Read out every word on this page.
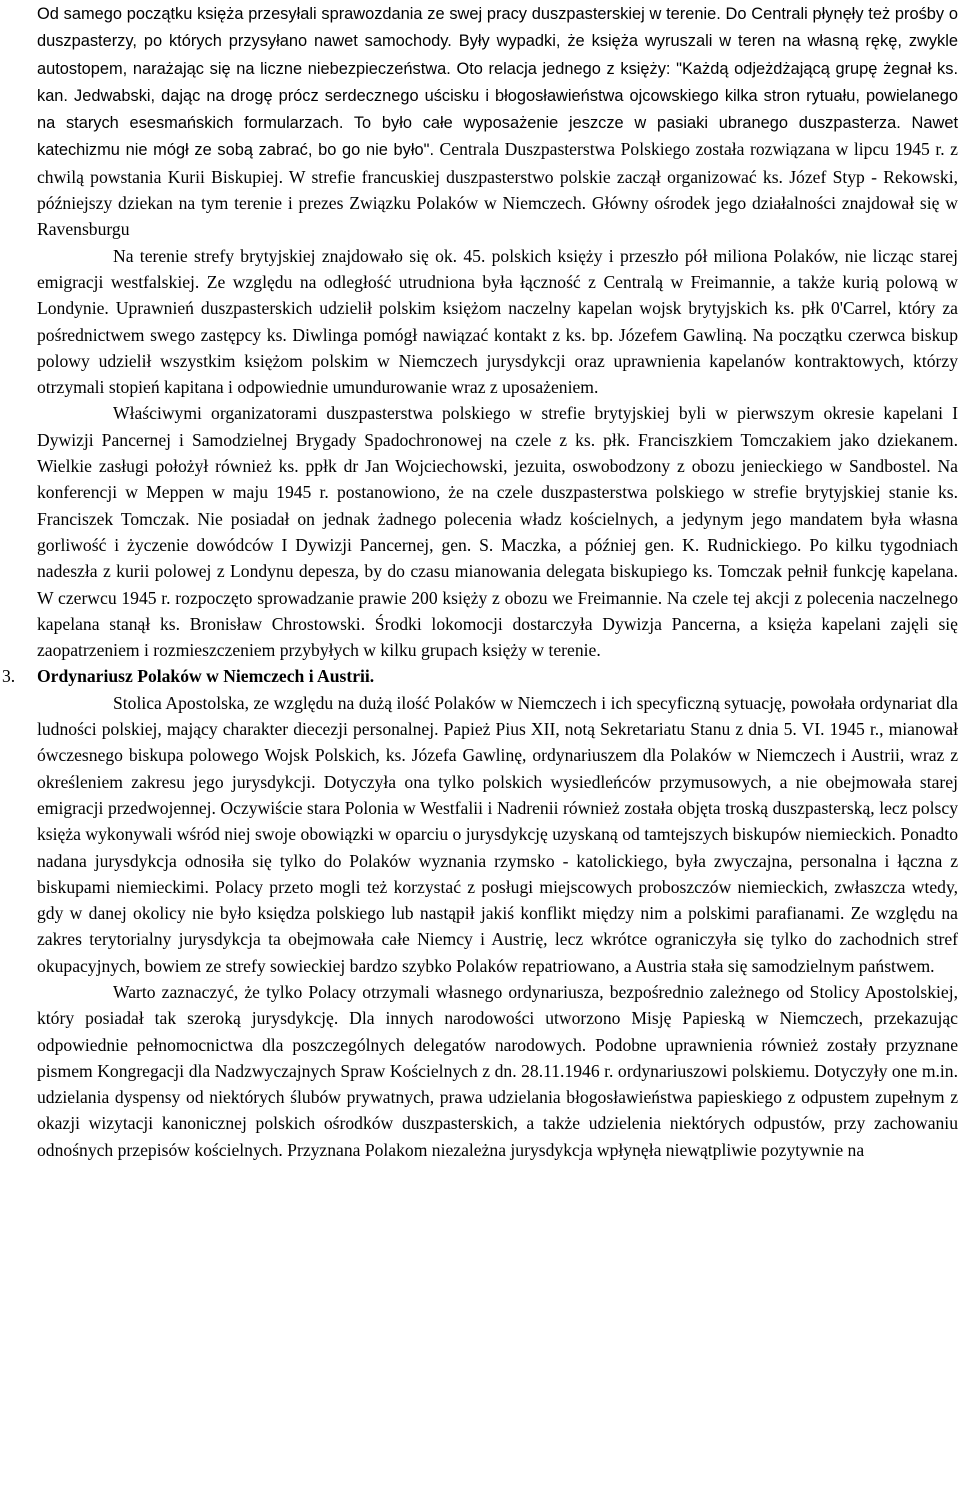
Od samego początku księża przesyłali sprawozdania ze swej pracy duszpasterskiej w terenie. Do Centrali płynęły też prośby o duszpasterzy, po których przysyłano nawet samochody. Były wypadki, że księża wyruszali w teren na własną rękę, zwykle autostopem, narażając się na liczne niebezpieczeństwa. Oto relacja jednego z księży: "Każdą odjeżdżającą grupę żegnał ks. kan. Jedwabski, dając na drogę prócz serdecznego uścisku i błogosławieństwa ojcowskiego kilka stron rytuału, powielanego na starych esesmańskich formularzach. To było całe wyposażenie jeszcze w pasiaki ubranego duszpasterza. Nawet katechizmu nie mógł ze sobą zabrać, bo go nie było". Centrala Duszpasterstwa Polskiego została rozwiązana w lipcu 1945 r. z chwilą powstania Kurii Biskupiej. W strefie francuskiej duszpasterstwo polskie zaczął organizować ks. Józef Styp - Rekowski, późniejszy dziekan na tym terenie i prezes Związku Polaków w Niemczech. Główny ośrodek jego działalności znajdował się w Ravensburgu

Na terenie strefy brytyjskiej znajdowało się ok. 45. polskich księży i przeszło pół miliona Polaków, nie licząc starej emigracji westfalskiej. Ze względu na odległość utrudniona była łączność z Centralą w Freimannie, a także kurią polową w Londynie. Uprawnień duszpasterskich udzielił polskim księżom naczelny kapelan wojsk brytyjskich ks. płk 0'Carrel, który za pośrednictwem swego zastępcy ks. Diwlinga pomógł nawiązać kontakt z ks. bp. Józefem Gawliną. Na początku czerwca biskup polowy udzielił wszystkim księżom polskim w Niemczech jurysdykcji oraz uprawnienia kapelanów kontraktowych, którzy otrzymali stopień kapitana i odpowiednie umundurowanie wraz z uposażeniem.

Właściwymi organizatorami duszpasterstwa polskiego w strefie brytyjskiej byli w pierwszym okresie kapelani I Dywizji Pancernej i Samodzielnej Brygady Spadochronowej na czele z ks. płk. Franciszkiem Tomczakiem jako dziekanem. Wielkie zasługi położył również ks. ppłk dr Jan Wojciechowski, jezuita, oswobodzony z obozu jenieckiego w Sandbostel. Na konferencji w Meppen w maju 1945 r. postanowiono, że na czele duszpasterstwa polskiego w strefie brytyjskiej stanie ks. Franciszek Tomczak. Nie posiadał on jednak żadnego polecenia władz kościelnych, a jedynym jego mandatem była własna gorliwość i życzenie dowódców I Dywizji Pancernej, gen. S. Maczka, a później gen. K. Rudnickiego. Po kilku tygodniach nadeszła z kurii polowej z Londynu depesza, by do czasu mianowania delegata biskupiego ks. Tomczak pełnił funkcję kapelana. W czerwcu 1945 r. rozpoczęto sprowadzanie prawie 200 księży z obozu we Freimannie. Na czele tej akcji z polecenia naczelnego kapelana stanął ks. Bronisław Chrostowski. Środki lokomocji dostarczyła Dywizja Pancerna, a księża kapelani zajęli się zaopatrzeniem i rozmieszczeniem przybyłych w kilku grupach księży w terenie.

3. Ordynariusz Polaków w Niemczech i Austrii.

Stolica Apostolska, ze względu na dużą ilość Polaków w Niemczech i ich specyficzną sytuację, powołała ordynariat dla ludności polskiej, mający charakter diecezji personalnej. Papież Pius XII, notą Sekretariatu Stanu z dnia 5. VI. 1945 r., mianował ówczesnego biskupa polowego Wojsk Polskich, ks. Józefa Gawlinę, ordynariuszem dla Polaków w Niemczech i Austrii, wraz z określeniem zakresu jego jurysdykcji. Dotyczyła ona tylko polskich wysiedleńców przymusowych, a nie obejmowała starej emigracji przedwojennej. Oczywiście stara Polonia w Westfalii i Nadrenii również została objęta troską duszpasterską, lecz polscy księża wykonywali wśród niej swoje obowiązki w oparciu o jurysdykcję uzyskaną od tamtejszych biskupów niemieckich. Ponadto nadana jurysdykcja odnosiła się tylko do Polaków wyznania rzymsko - katolickiego, była zwyczajna, personalna i łączna z biskupami niemieckimi. Polacy przeto mogli też korzystać z posługi miejscowych proboszczów niemieckich, zwłaszcza wtedy, gdy w danej okolicy nie było księdza polskiego lub nastąpił jakiś konflikt między nim a polskimi parafianami. Ze względu na zakres terytorialny jurysdykcja ta obejmowała całe Niemcy i Austrię, lecz wkrótce ograniczyła się tylko do zachodnich stref okupacyjnych, bowiem ze strefy sowieckiej bardzo szybko Polaków repatriowano, a Austria stała się samodzielnym państwem.

Warto zaznaczyć, że tylko Polacy otrzymali własnego ordynariusza, bezpośrednio zależnego od Stolicy Apostolskiej, który posiadał tak szeroką jurysdykcję. Dla innych narodowości utworzono Misję Papieską w Niemczech, przekazując odpowiednie pełnomocnictwa dla poszczególnych delegatów narodowych. Podobne uprawnienia również zostały przyznane pismem Kongregacji dla Nadzwyczajnych Spraw Kościelnych z dn. 28.11.1946 r. ordynariuszowi polskiemu. Dotyczyły one m.in. udzielania dyspensy od niektórych ślubów prywatnych, prawa udzielania błogosławieństwa papieskiego z odpustem zupełnym z okazji wizytacji kanonicznej polskich ośrodków duszpasterskich, a także udzielenia niektórych odpustów, przy zachowaniu odnośnych przepisów kościelnych. Przyznana Polakom niezależna jurysdykcja wpłynęła niewątpliwie pozytywnie na
